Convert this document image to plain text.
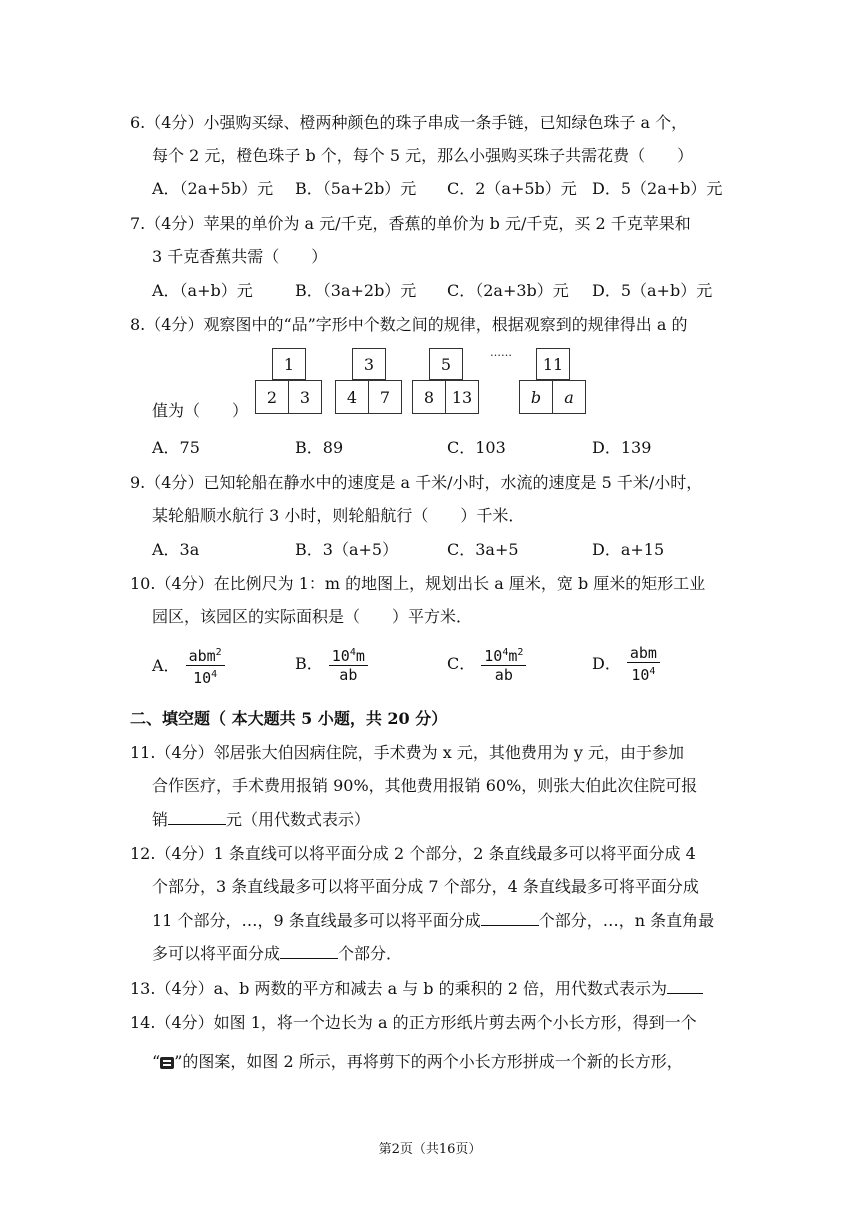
6.（4分）小强购买绿、橙两种颜色的珠子串成一条手链，已知绿色珠子 a 个，
每个 2 元，橙色珠子 b 个，每个 5 元，那么小强购买珠子共需花费（　　）
A．（2a+5b）元 B．（5a+2b）元 C．2（a+5b）元 D．5（2a+b）元
7.（4分）苹果的单价为 a 元/千克，香蕉的单价为 b 元/千克，买 2 千克苹果和
3 千克香蕉共需（　　）
A．（a+b）元	B．（3a+2b）元 C．（2a+3b）元 D．5（a+b）元
8.（4分）观察图中的“品”字形中个数之间的规律，根据观察到的规律得出 a 的
值为（　　）
1
2	3
3
4	7
5
8	13
……
11
b	a
A．75	B．89	C．103	D．139
9.（4分）已知轮船在静水中的速度是 a 千米/小时，水流的速度是 5 千米/小时，
某轮船顺水航行 3 小时，则轮船航行（　　）千米．
A．3a	B．3（a+5）	C．3a+5	D．a+15
10.（4分）在比例尺为 1：m 的地图上，规划出长 a 厘米，宽 b 厘米的矩形工业
园区，该园区的实际面积是（　　）平方米．
A． $\frac{abm^2}{10^4}$	B． $\frac{10^4m}{ab}$	C． $\frac{10^4m^2}{ab}$	D． $\frac{\text{abm}}{10^4}$
二、填空题（ 本大题共 5 小题，共 20 分）
11.（4分）邻居张大伯因病住院，手术费为 x 元，其他费用为 y 元，由于参加
合作医疗，手术费用报销 90%，其他费用报销 60%，则张大伯此次住院可报
销	元（用代数式表示）
12.（4分）1 条直线可以将平面分成 2 个部分，2 条直线最多可以将平面分成 4
个部分，3 条直线最多可以将平面分成 7 个部分，4 条直线最多可将平面分成
11 个部分，…，9 条直线最多可以将平面分成	个部分，…，n 条直角最
多可以将平面分成	个部分．
13.（4分）a、b 两数的平方和减去 a 与 b 的乘积的 2 倍，用代数式表示为
14.（4分）如图 1，将一个边长为 a 的正方形纸片剪去两个小长方形，得到一个
“ ”的图案，如图 2 所示，再将剪下的两个小长方形拼成一个新的长方形，
第2页（共16页）
